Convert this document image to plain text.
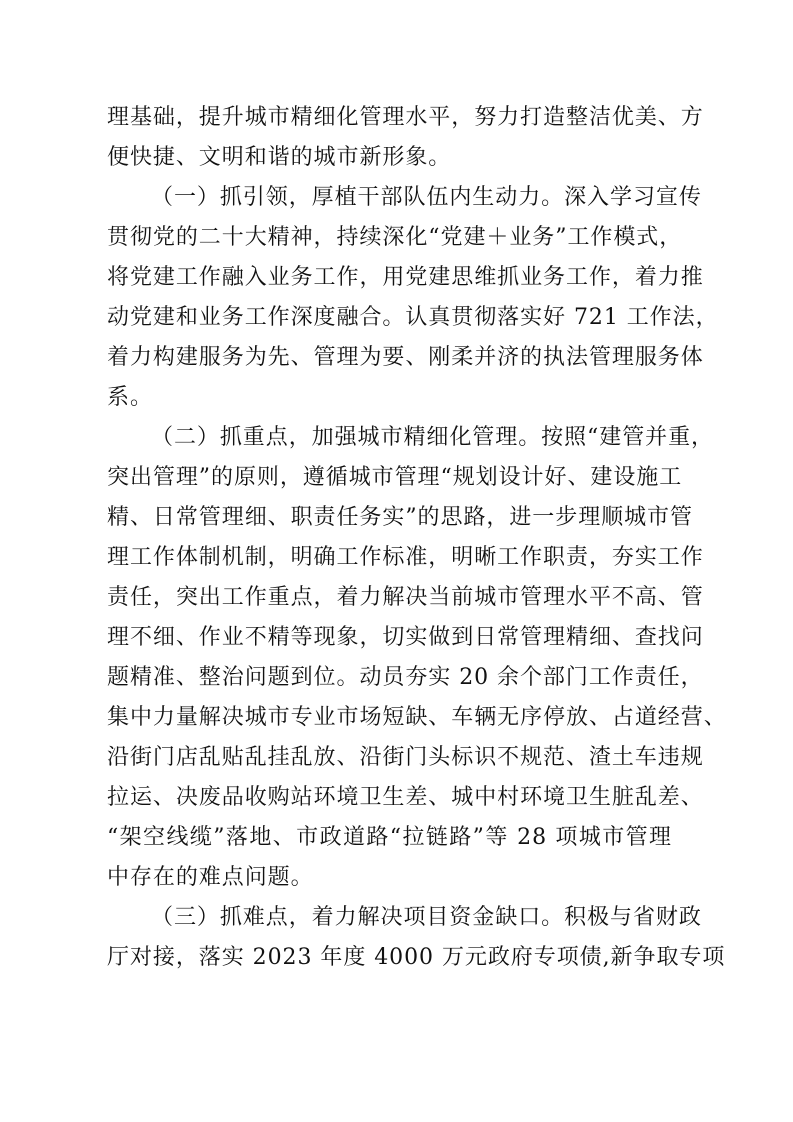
理基础，提升城市精细化管理水平，努力打造整洁优美、方
便快捷、文明和谐的城市新形象。
（一）抓引领，厚植干部队伍内生动力。深入学习宣传
贯彻党的二十大精神，持续深化“党建＋业务”工作模式，
将党建工作融入业务工作，用党建思维抓业务工作，着力推
动党建和业务工作深度融合。认真贯彻落实好 721 工作法，
着力构建服务为先、管理为要、刚柔并济的执法管理服务体
系。
（二）抓重点，加强城市精细化管理。按照“建管并重，
突出管理”的原则，遵循城市管理“规划设计好、建设施工
精、日常管理细、职责任务实”的思路，进一步理顺城市管
理工作体制机制，明确工作标准，明晰工作职责，夯实工作
责任，突出工作重点，着力解决当前城市管理水平不高、管
理不细、作业不精等现象，切实做到日常管理精细、查找问
题精准、整治问题到位。动员夯实 20 余个部门工作责任，
集中力量解决城市专业市场短缺、车辆无序停放、占道经营、
沿街门店乱贴乱挂乱放、沿街门头标识不规范、渣土车违规
拉运、决废品收购站环境卫生差、城中村环境卫生脏乱差、
“架空线缆”落地、市政道路“拉链路”等 28 项城市管理
中存在的难点问题。
（三）抓难点，着力解决项目资金缺口。积极与省财政
厅对接，落实 2023 年度 4000 万元政府专项债,新争取专项
